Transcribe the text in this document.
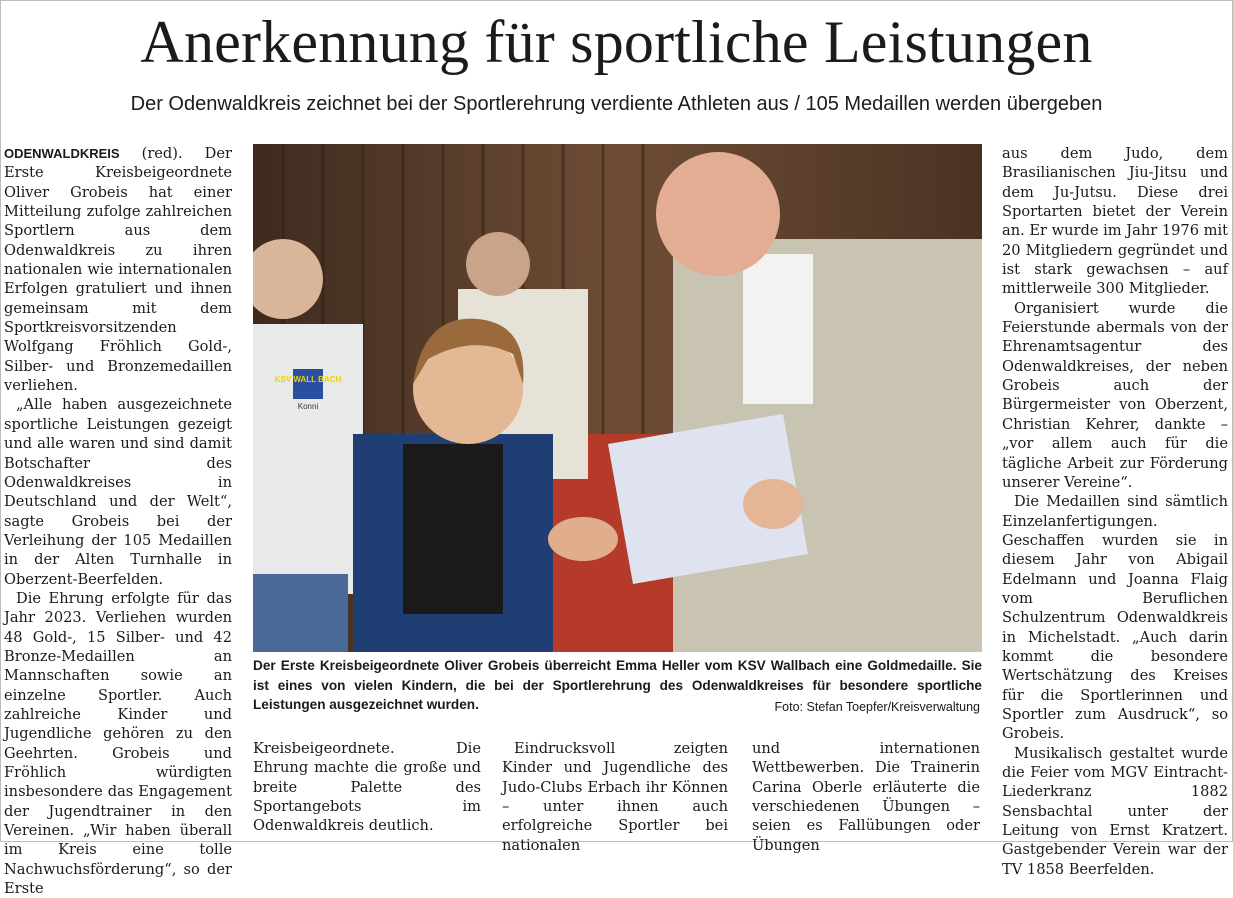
Anerkennung für sportliche Leistungen
Der Odenwaldkreis zeichnet bei der Sportlerehrung verdiente Athleten aus / 105 Medaillen werden übergeben

ODENWALDKREIS (red). Der Erste Kreisbeigeordnete Oliver Grobeis hat einer Mitteilung zufolge zahlreichen Sportlern aus dem Odenwaldkreis zu ihren nationalen wie internationalen Erfolgen gratuliert und ihnen gemeinsam mit dem Sportkreisvorsitzenden Wolfgang Fröhlich Gold-, Silber- und Bronzemedaillen verliehen.

„Alle haben ausgezeichnete sportliche Leistungen gezeigt und alle waren und sind damit Botschafter des Odenwaldkreises in Deutschland und der Welt“, sagte Grobeis bei der Verleihung der 105 Medaillen in der Alten Turnhalle in Oberzent-Beerfelden.

Die Ehrung erfolgte für das Jahr 2023. Verliehen wurden 48 Gold-, 15 Silber- und 42 Bronze-Medaillen an Mannschaften sowie an einzelne Sportler. Auch zahlreiche Kinder und Jugendliche gehören zu den Geehrten. Grobeis und Fröhlich würdigten insbesondere das Engagement der Jugendtrainer in den Vereinen. „Wir haben überall im Kreis eine tolle Nachwuchsförderung“, so der Erste

KSV WALL BACH
Konni
Der Erste Kreisbeigeordnete Oliver Grobeis überreicht Emma Heller vom KSV Wallbach eine Goldmedaille. Sie ist eines von vielen Kindern, die bei der Sportlerehrung des Odenwaldkreises für besondere sportliche Leistungen ausgezeichnet wurden.	Foto: Stefan Toepfer/Kreisverwaltung

Kreisbeigeordnete. Die Ehrung machte die große und breite Palette des Sportangebots im Odenwaldkreis deutlich.

Eindrucksvoll zeigten Kinder und Jugendliche des Judo-Clubs Erbach ihr Können – unter ihnen auch erfolgreiche Sportler bei nationalen

und internationen Wettbewerben. Die Trainerin Carina Oberle erläuterte die verschiedenen Übungen – seien es Fallübungen oder Übungen

aus dem Judo, dem Brasilianischen Jiu-Jitsu und dem Ju-Jutsu. Diese drei Sportarten bietet der Verein an. Er wurde im Jahr 1976 mit 20 Mitgliedern gegründet und ist stark gewachsen – auf mittlerweile 300 Mitglieder.

Organisiert wurde die Feierstunde abermals von der Ehrenamtsagentur des Odenwaldkreises, der neben Grobeis auch der Bürgermeister von Oberzent, Christian Kehrer, dankte – „vor allem auch für die tägliche Arbeit zur Förderung unserer Vereine“.

Die Medaillen sind sämtlich Einzelanfertigungen. Geschaffen wurden sie in diesem Jahr von Abigail Edelmann und Joanna Flaig vom Beruflichen Schulzentrum Odenwaldkreis in Michelstadt. „Auch darin kommt die besondere Wertschätzung des Kreises für die Sportlerinnen und Sportler zum Ausdruck“, so Grobeis.

Musikalisch gestaltet wurde die Feier vom MGV Eintracht-Liederkranz 1882 Sensbachtal unter der Leitung von Ernst Kratzert. Gastgebender Verein war der TV 1858 Beerfelden.
